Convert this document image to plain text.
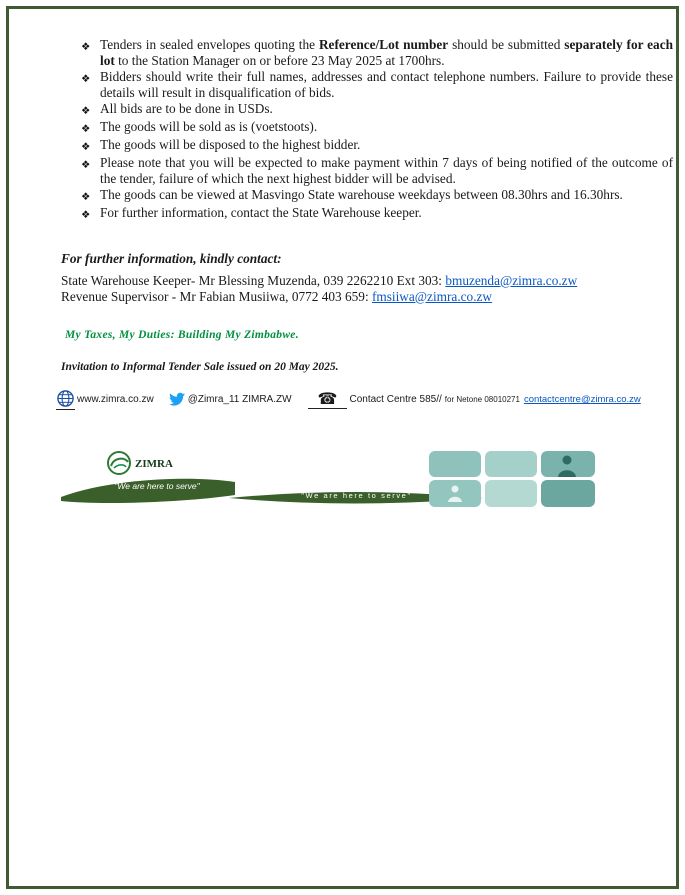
❖ Tenders in sealed envelopes quoting the Reference/Lot number should be submitted separately for each lot to the Station Manager on or before 23 May 2025 at 1700hrs.
❖ Bidders should write their full names, addresses and contact telephone numbers. Failure to provide these details will result in disqualification of bids.
❖ All bids are to be done in USDs.
❖ The goods will be sold as is (voetstoots).
❖ The goods will be disposed to the highest bidder.
❖ Please note that you will be expected to make payment within 7 days of being notified of the outcome of the tender, failure of which the next highest bidder will be advised.
❖ The goods can be viewed at Masvingo State warehouse weekdays between 08.30hrs and 16.30hrs.
❖ For further information, contact the State Warehouse keeper.
For further information, kindly contact:
State Warehouse Keeper- Mr Blessing Muzenda, 039 2262210 Ext 303: bmuzenda@zimra.co.zw
Revenue Supervisor - Mr Fabian Musiiwa, 0772 403 659: fmsiiwa@zimra.co.zw
My Taxes, My Duties: Building My Zimbabwe.
Invitation to Informal Tender Sale issued on 20 May 2025.
www.zimra.co.zw	@Zimra_11 ZIMRA.ZW ☎ Contact Centre 585// for Netone 08010271 contactcentre@zimra.co.zw
ZIMRA
"We are here to serve"
"We are here to serve"
